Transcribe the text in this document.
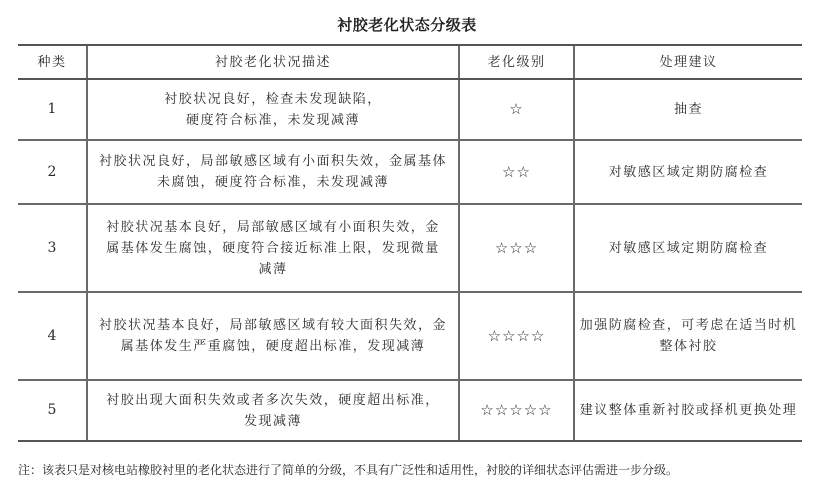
衬胶老化状态分级表
种类	衬胶老化状况描述	老化级别	处理建议
1	衬胶状况良好，检查未发现缺陷，硬度符合标准，未发现减薄	☆	抽查
2	衬胶状况良好，局部敏感区域有小面积失效，金属基体未腐蚀，硬度符合标准，未发现减薄	☆☆	对敏感区域定期防腐检查
3	衬胶状况基本良好，局部敏感区域有小面积失效，金属基体发生腐蚀，硬度符合接近标准上限，发现微量减薄	☆☆☆	对敏感区域定期防腐检查
4	衬胶状况基本良好，局部敏感区域有较大面积失效，金属基体发生严重腐蚀，硬度超出标准，发现减薄	☆☆☆☆	加强防腐检查，可考虑在适当时机整体衬胶
5	衬胶出现大面积失效或者多次失效，硬度超出标准，发现减薄	☆☆☆☆☆	建议整体重新衬胶或择机更换处理
注：该表只是对核电站橡胶衬里的老化状态进行了简单的分级，不具有广泛性和适用性，衬胶的详细状态评估需进一步分级。
